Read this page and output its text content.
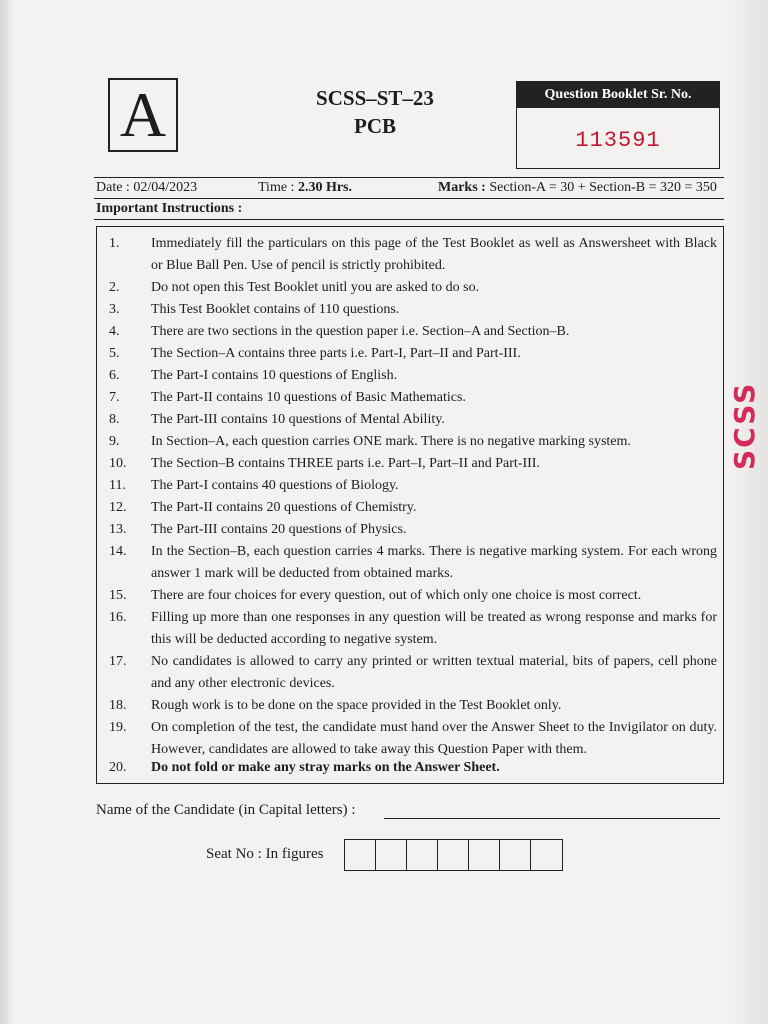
A	SCSS–ST–23
PCB
Question Booklet Sr. No.
113591
Date : 02/04/2023	Time : 2.30 Hrs.	Marks : Section-A = 30 + Section-B = 320 = 350
Important Instructions :
1.	Immediately fill the particulars on this page of the Test Booklet as well as Answersheet with Black or Blue Ball Pen. Use of pencil is strictly prohibited.
2.	Do not open this Test Booklet unitl you are asked to do so.
3.	This Test Booklet contains of 110 questions.
4.	There are two sections in the question paper i.e. Section–A and Section–B.
5.	The Section–A contains three parts i.e. Part-I, Part–II and Part-III.
6.	The Part-I contains 10 questions of English.
7.	The Part-II contains 10 questions of Basic Mathematics.
8.	The Part-III contains 10 questions of Mental Ability.
9.	In Section–A, each question carries ONE mark. There is no negative marking system.
10.	The Section–B contains THREE parts i.e. Part–I, Part–II and Part-III.
11.	The Part-I contains 40 questions of Biology.
12.	The Part-II contains 20 questions of Chemistry.
13.	The Part-III contains 20 questions of Physics.
14.	In the Section–B, each question carries 4 marks. There is negative marking system. For each wrong answer 1 mark will be deducted from obtained marks.
15.	There are four choices for every question, out of which only one choice is most correct.
16.	Filling up more than one responses in any question will be treated as wrong response and marks for this will be deducted according to negative system.
17.	No candidates is allowed to carry any printed or written textual material, bits of papers, cell phone and any other electronic devices.
18.	Rough work is to be done on the space provided in the Test Booklet only.
19.	On completion of the test, the candidate must hand over the Answer Sheet to the Invigilator on duty. However, candidates are allowed to take away this Question Paper with them.
20.	Do not fold or make any stray marks on the Answer Sheet.
Name of the Candidate (in Capital letters) :
Seat No : In figures
SCSS
